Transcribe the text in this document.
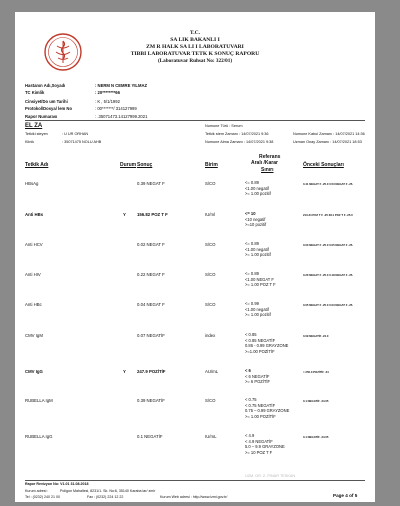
T.C.
SA LIK BAKANLI I
ZM R HALK SA LI I LABORATUVARI
TIBBI LABORATUVAR TETK K SONUÇ RAPORU
(Laboratuvar Ruhsat No: 322/01)
Hastanın Adı,Soyadı	: NERM N CEMRE YILMAZ
TC Kimlik	: 20********66
Cinsiyet/Do um Tarihi	: K , 5/1/1992
Protokol/Dosya/ lem No	: 00*******/ 314127999
Rapor Numarası	: .35071473.14127999.2021
EL ZA
Tetkiki steyen	: U UR ORHAN
Klinik	: 35071475 NOLU AHB
Numune Türü : Serum
Tetkik stem Zamanı : 14/07/2021 9:36	Numune Kabul Zamanı : 14/07/2021 14:36
Numune Alma Zamanı : 14/07/2021 9:38	Uzman Onay Zamanı : 14/07/2021 18:53
Tetkik Adı	Durum Sonuç	Birim
Referans
Aralı /Karar
Sınırı
Önceki Sonuçları
HBsAg	0.39 NEGAT F	S/CO	<= 0.89
<1.00 negatif
>= 1.00 pozitif
0.41 NEGAT F -25.0 0.53 NEGAT F -25.
Anti HBs	Y	156.82 POZ T F	IU/ml	<= 10
<10 negatif
>=10 pozitif
213.34 POZ T F -25 38.1 POZ T F -25.0
Anti HCV	0.02 NEGAT F	S/CO	<= 0.89
<1.00 negatif
>= 1.00 pozitif
0.03 NEGAT F -25.0 0.05 NEGAT F -25.
Anti HIV	0.22 NEGAT F	S/CO	<= 0.89
<1.00 NEGAT F
>= 1.00 POZ T F
0.20 NEGAT F -25.0 0.18 NEGAT F -25.
Anti HBc	0.04 NEGAT F	S/CO	<= 0.99
<1.00 negatif
>= 1.00 pozitif
0.05 NEGAT F -25.0 0.03 NEGAT F -25.
CMV IgM	0.07 NEGATİF	index	< 0.85
< 0.85 NEGATİF
0.86 - 0.99 GRAYZONE
>=1.00 POZİTİF
0.09 NEGATİF -24.0
CMV IgG	Y	247.9 POZİTİF	AU/mL	< 6
< 6 NEGATİF
>= 6 POZİTİF
> 250.0 POZİTİF -24
RUBELLA IgM	0.39 NEGATİF	S/CO	< 0.75
< 0.75 NEGATİF
0.75 – 0.99 GRAYZONE
>= 1.00 POZİTİF
0.1 NEGATİF -24.05
RUBELLA IgG	0.1 NEGATİF	IU/mL	< 4.9
< 4.9 NEGATİF
5.0 – 9.9 GRAYZONE
>= 10 POZ T F
0.1 NEGATİF -24.05
UZM. DR. Z. PINAR TESKAN
Rapor Revizyon No: V1.01 31.08.2018
Kurum adresi :	Poligon Mahallesi, 8231/1. Sk. No:6, 35140 Karaba lar/ zmir
Tel : (0232) 240 21 00	Fax : (0232) 224 12 22	Kurum Web adresi : http://www.izmi.gov.tr/	Page 4 of 5
